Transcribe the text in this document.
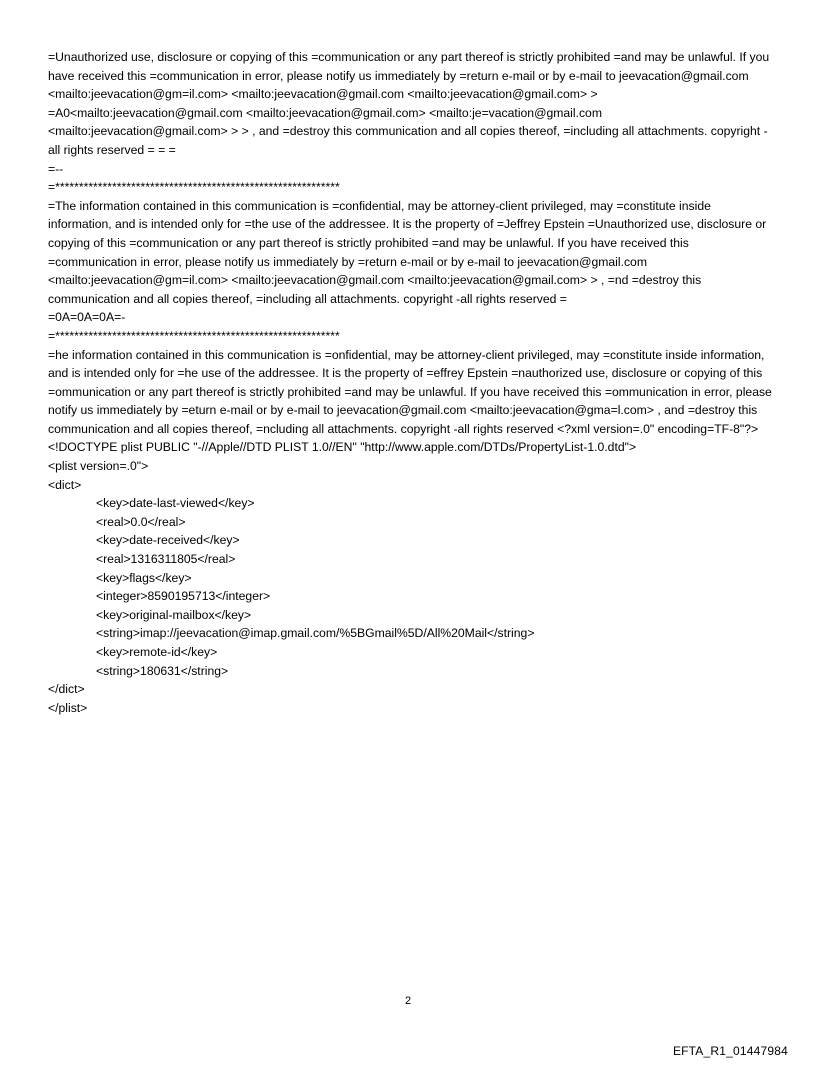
=Unauthorized use, disclosure or copying of this =communication or any part thereof is strictly prohibited =and may be unlawful. If you have received this =communication in error, please notify us immediately by =return e-mail or by e-mail to jeevacation@gmail.com <mailto:jeevacation@gm=il.com> <mailto:jeevacation@gmail.com <mailto:jeevacation@gmail.com> > =A0<mailto:jeevacation@gmail.com <mailto:jeevacation@gmail.com> <mailto:je=vacation@gmail.com <mailto:jeevacation@gmail.com> > > , and =destroy this communication and all copies thereof, =including all attachments. copyright -all rights reserved = = =

=--

=************************************************************

=The information contained in this communication is =confidential, may be attorney-client privileged, may =constitute inside information, and is intended only for =the use of the addressee. It is the property of =Jeffrey Epstein =Unauthorized use, disclosure or copying of this =communication or any part thereof is strictly prohibited =and may be unlawful. If you have received this =communication in error, please notify us immediately by =return e-mail or by e-mail to jeevacation@gmail.com <mailto:jeevacation@gm=il.com> <mailto:jeevacation@gmail.com <mailto:jeevacation@gmail.com> > , =nd =destroy this communication and all copies thereof, =including all attachments. copyright -all rights reserved =

=0A=0A=0A=-

=************************************************************

=he information contained in this communication is =onfidential, may be attorney-client privileged, may =constitute inside information, and is intended only for =he use of the addressee. It is the property of =effrey Epstein =nauthorized use, disclosure or copying of this =ommunication or any part thereof is strictly prohibited =and may be unlawful. If you have received this =ommunication in error, please notify us immediately by =eturn e-mail or by e-mail to jeevacation@gmail.com <mailto:jeevacation@gma=l.com> , and =destroy this communication and all copies thereof, =ncluding all attachments. copyright -all rights reserved <?xml version=.0" encoding=TF-8"?> <!DOCTYPE plist PUBLIC "-//Apple//DTD PLIST 1.0//EN" "http://www.apple.com/DTDs/PropertyList-1.0.dtd">

<plist version=.0">

<dict>

<key>date-last-viewed</key>

<real>0.0</real>

<key>date-received</key>

<real>1316311805</real>

<key>flags</key>

<integer>8590195713</integer>

<key>original-mailbox</key>

<string>imap://jeevacation@imap.gmail.com/%5BGmail%5D/All%20Mail</string>

<key>remote-id</key>

<string>180631</string>

</dict>

</plist>

2
EFTA_R1_01447984
